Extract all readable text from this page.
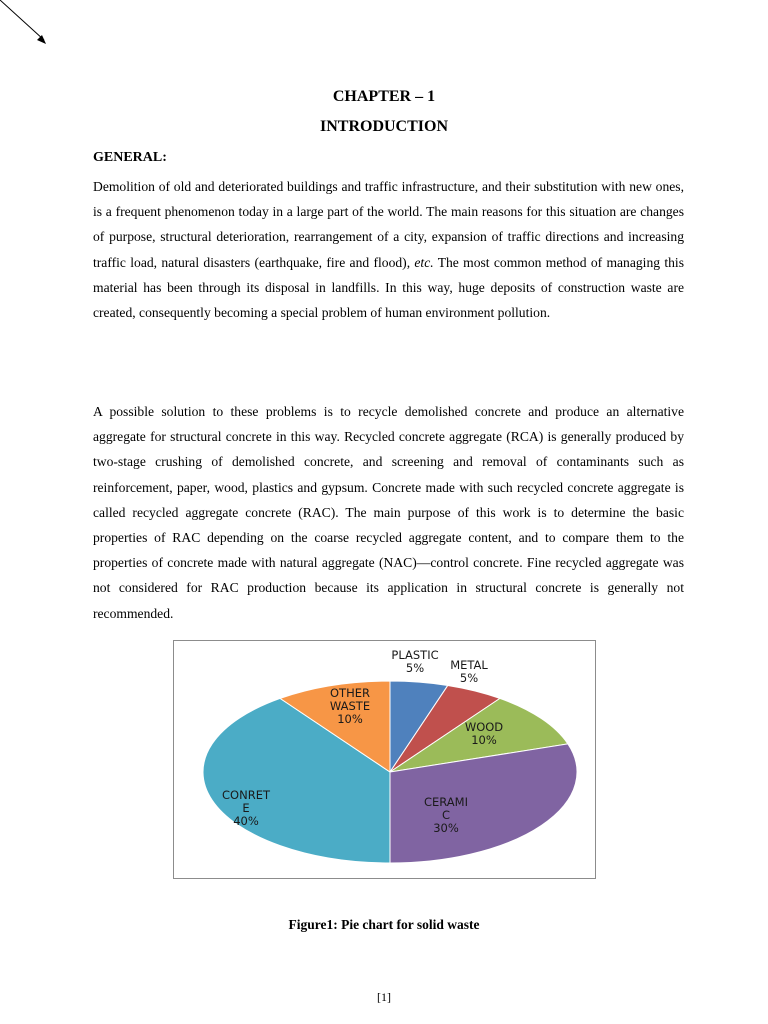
CHAPTER – 1
INTRODUCTION
GENERAL:

Demolition of old and deteriorated buildings and traffic infrastructure, and their substitution with new ones, is a frequent phenomenon today in a large part of the world. The main reasons for this situation are changes of purpose, structural deterioration, rearrangement of a city, expansion of traffic directions and increasing traffic load, natural disasters (earthquake, fire and flood), etc. The most common method of managing this material has been through its disposal in landfills. In this way, huge deposits of construction waste are created, consequently becoming a special problem of human environment pollution.

A possible solution to these problems is to recycle demolished concrete and produce an alternative aggregate for structural concrete in this way. Recycled concrete aggregate (RCA) is generally produced by two-stage crushing of demolished concrete, and screening and removal of contaminants such as reinforcement, paper, wood, plastics and gypsum. Concrete made with such recycled concrete aggregate is called recycled aggregate concrete (RAC). The main purpose of this work is to determine the basic properties of RAC depending on the coarse recycled aggregate content, and to compare them to the properties of concrete made with natural aggregate (NAC)—control concrete. Fine recycled aggregate was not considered for RAC production because its application in structural concrete is generally not recommended.

PLASTIC 5%	METAL 5%
WOOD 10%
CERAMI C 30%
CONRET E 40%
OTHER WASTE 10%
Figure1: Pie chart for solid waste
[1]
